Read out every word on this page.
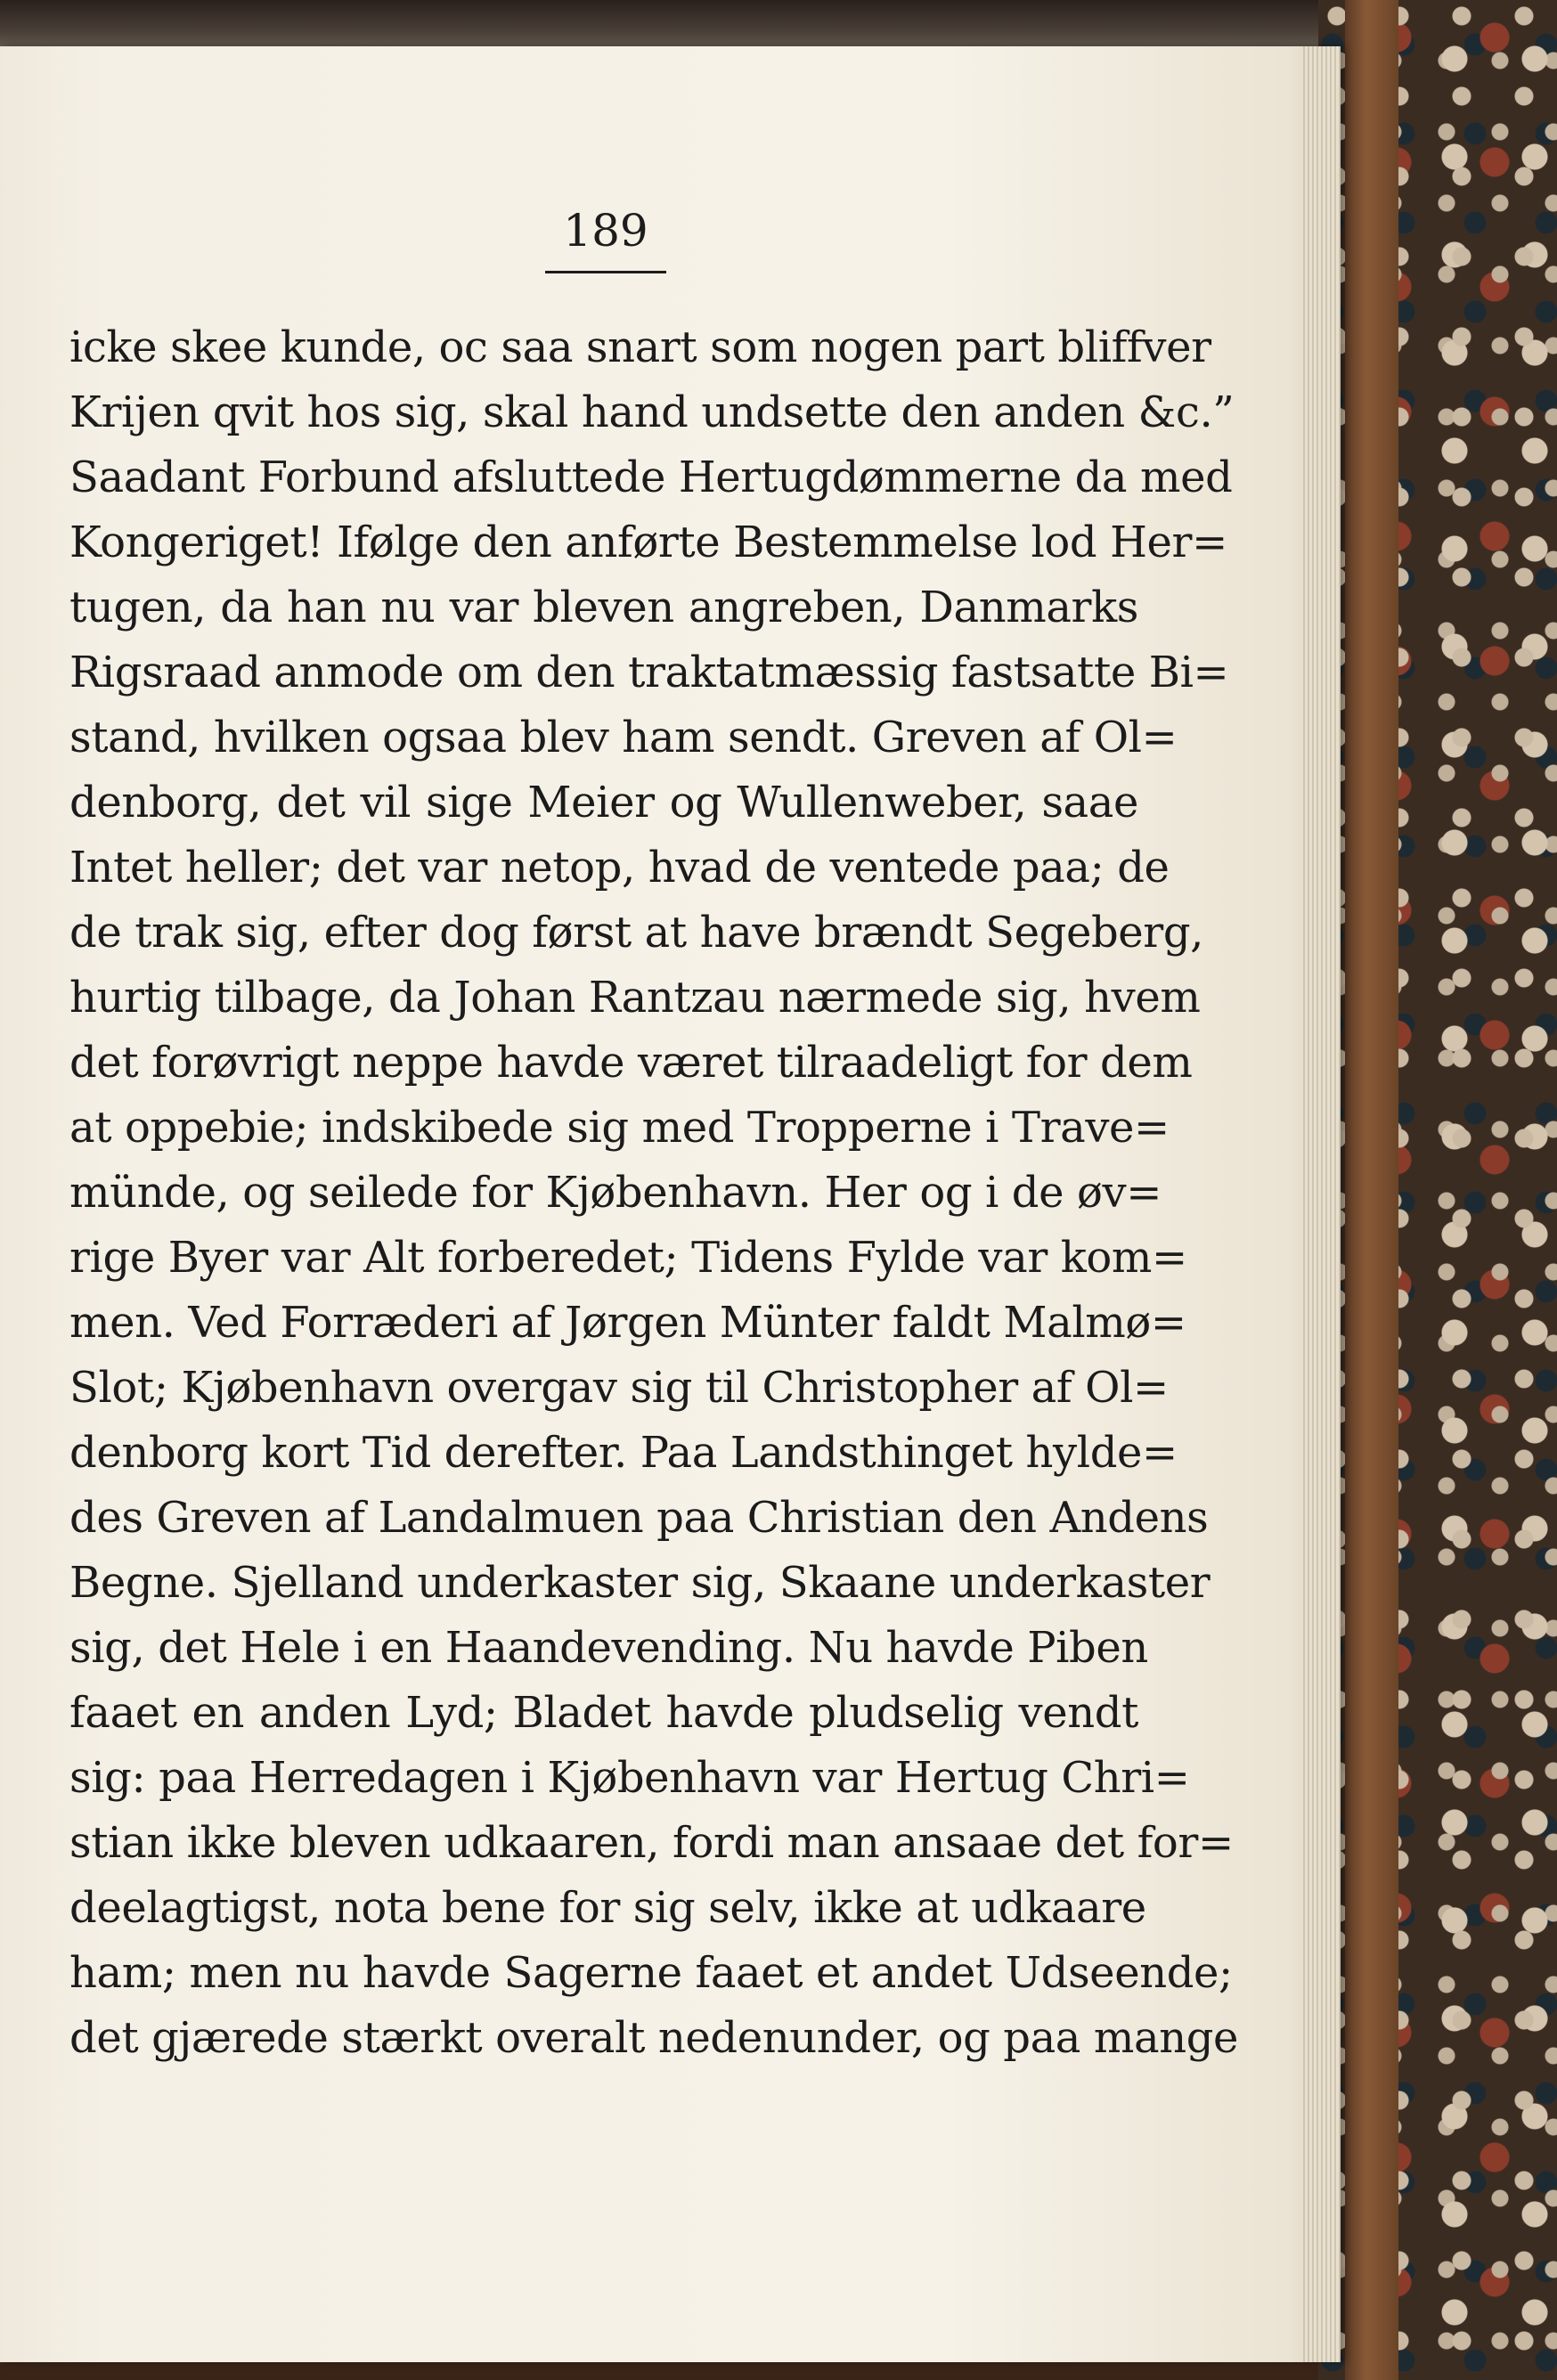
189
icke skee kunde, oc saa snart som nogen part bliffver
Krijen qvit hos sig, skal hand undsette den anden &c.”
Saadant Forbund afsluttede Hertugdømmerne da med
Kongeriget! Ifølge den anførte Bestemmelse lod Her=
tugen, da han nu var bleven angreben, Danmarks
Rigsraad anmode om den traktatmæssig fastsatte Bi=
stand, hvilken ogsaa blev ham sendt. Greven af Ol=
denborg, det vil sige Meier og Wullenweber, saae
Intet heller; det var netop, hvad de ventede paa; de
de trak sig, efter dog først at have brændt Segeberg,
hurtig tilbage, da Johan Rantzau nærmede sig, hvem
det forøvrigt neppe havde været tilraadeligt for dem
at oppebie; indskibede sig med Tropperne i Trave=
münde, og seilede for Kjøbenhavn. Her og i de øv=
rige Byer var Alt forberedet; Tidens Fylde var kom=
men. Ved Forræderi af Jørgen Münter faldt Malmø=
Slot; Kjøbenhavn overgav sig til Christopher af Ol=
denborg kort Tid derefter. Paa Landsthinget hylde=
des Greven af Landalmuen paa Christian den Andens
Begne. Sjelland underkaster sig, Skaane underkaster
sig, det Hele i en Haandevending. Nu havde Piben
faaet en anden Lyd; Bladet havde pludselig vendt
sig: paa Herredagen i Kjøbenhavn var Hertug Chri=
stian ikke bleven udkaaren, fordi man ansaae det for=
deelagtigst, nota bene for sig selv, ikke at udkaare
ham; men nu havde Sagerne faaet et andet Udseende;
det gjærede stærkt overalt nedenunder, og paa mange
